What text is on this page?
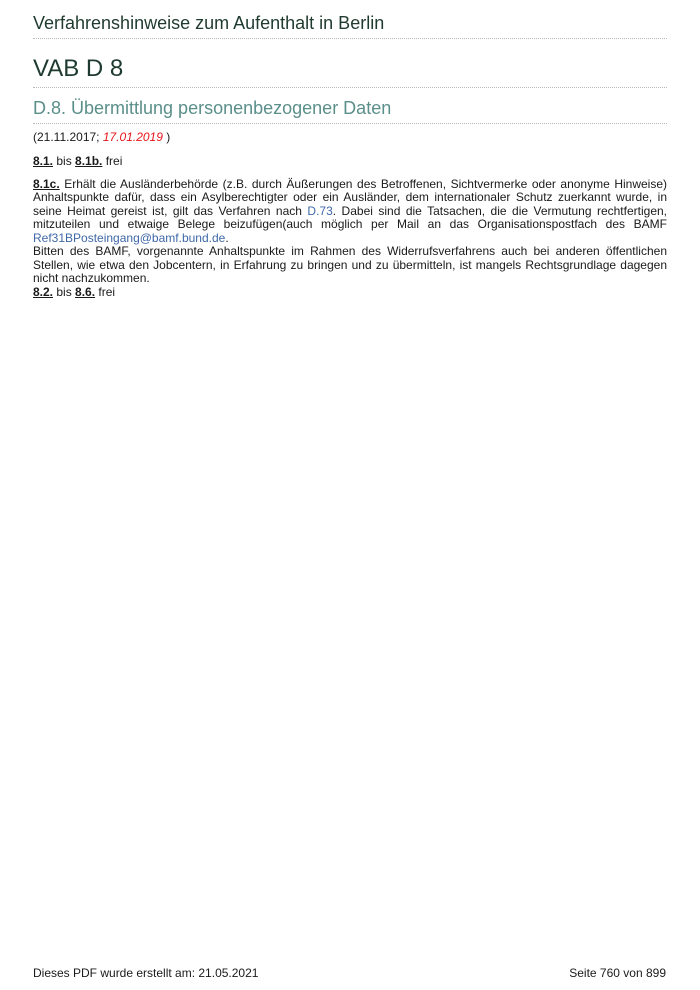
Verfahrenshinweise zum Aufenthalt in Berlin
VAB D 8
D.8. Übermittlung personenbezogener Daten
(21.11.2017; 17.01.2019 )
8.1. bis 8.1b. frei
8.1c. Erhält die Ausländerbehörde (z.B. durch Äußerungen des Betroffenen, Sichtvermerke oder anonyme Hinweise) Anhaltspunkte dafür, dass ein Asylberechtigter oder ein Ausländer, dem internationaler Schutz zuerkannt wurde, in seine Heimat gereist ist, gilt das Verfahren nach D.73. Dabei sind die Tatsachen, die die Vermutung rechtfertigen, mitzuteilen und etwaige Belege beizufügen(auch möglich per Mail an das Organisationspostfach des BAMF Ref31BPosteingang@bamf.bund.de.
Bitten des BAMF, vorgenannte Anhaltspunkte im Rahmen des Widerrufsverfahrens auch bei anderen öffentlichen Stellen, wie etwa den Jobcentern, in Erfahrung zu bringen und zu übermitteln, ist mangels Rechtsgrundlage dagegen nicht nachzukommen.
8.2. bis 8.6. frei
Dieses PDF wurde erstellt am: 21.05.2021	Seite 760 von 899
